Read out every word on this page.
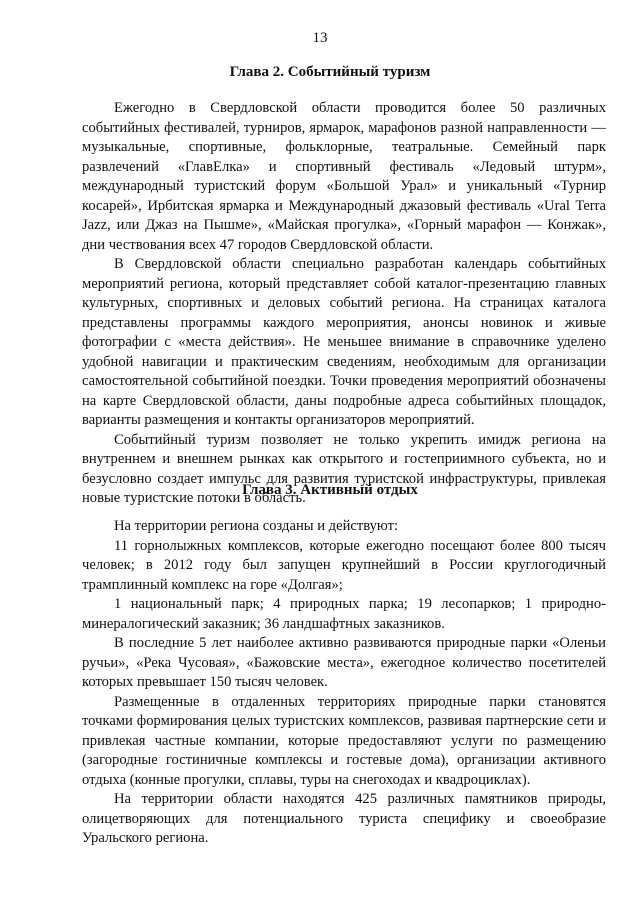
13
Глава 2. Событийный туризм

Ежегодно в Свердловской области проводится более 50 различных событийных фестивалей, турниров, ярмарок, марафонов разной направленности — музыкальные, спортивные, фольклорные, театральные. Семейный парк развлечений «ГлавЕлка» и спортивный фестиваль «Ледовый штурм», международный туристский форум «Большой Урал» и уникальный «Турнир косарей», Ирбитская ярмарка и Международный джазовый фестиваль «Ural Terra Jazz, или Джаз на Пышме», «Майская прогулка», «Горный марафон — Конжак», дни чествования всех 47 городов Свердловской области.

В Свердловской области специально разработан календарь событийных мероприятий региона, который представляет собой каталог-презентацию главных культурных, спортивных и деловых событий региона. На страницах каталога представлены программы каждого мероприятия, анонсы новинок и живые фотографии с «места действия». Не меньшее внимание в справочнике уделено удобной навигации и практическим сведениям, необходимым для организации самостоятельной событийной поездки. Точки проведения мероприятий обозначены на карте Свердловской области, даны подробные адреса событийных площадок, варианты размещения и контакты организаторов мероприятий.

Событийный туризм позволяет не только укрепить имидж региона на внутреннем и внешнем рынках как открытого и гостеприимного субъекта, но и безусловно создает импульс для развития туристской инфраструктуры, привлекая новые туристские потоки в область.

Глава 3. Активный отдых

На территории региона созданы и действуют:

11 горнолыжных комплексов, которые ежегодно посещают более 800 тысяч человек; в 2012 году был запущен крупнейший в России круглогодичный трамплинный комплекс на горе «Долгая»;

1 национальный парк; 4 природных парка; 19 лесопарков; 1 природно-минералогический заказник; 36 ландшафтных заказников.

В последние 5 лет наиболее активно развиваются природные парки «Оленьи ручьи», «Река Чусовая», «Бажовские места», ежегодное количество посетителей которых превышает 150 тысяч человек.

Размещенные в отдаленных территориях природные парки становятся точками формирования целых туристских комплексов, развивая партнерские сети и привлекая частные компании, которые предоставляют услуги по размещению (загородные гостиничные комплексы и гостевые дома), организации активного отдыха (конные прогулки, сплавы, туры на снегоходах и квадроциклах).

На территории области находятся 425 различных памятников природы, олицетворяющих для потенциального туриста специфику и своеобразие Уральского региона.
